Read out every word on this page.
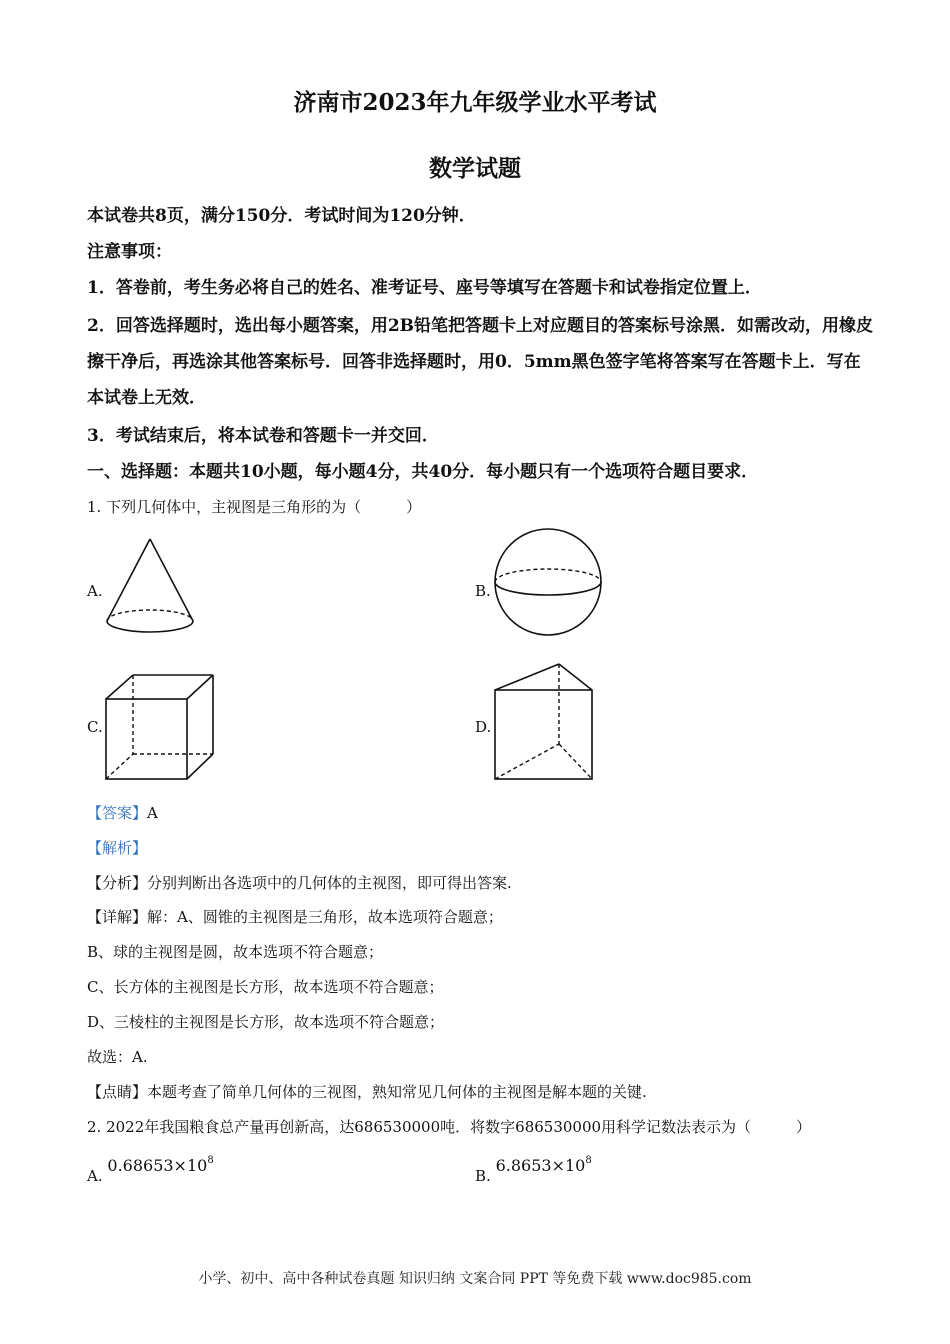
济南市2023年九年级学业水平考试
数学试题
本试卷共8页，满分150分．考试时间为120分钟．
注意事项：
1．答卷前，考生务必将自己的姓名、准考证号、座号等填写在答题卡和试卷指定位置上．
2．回答选择题时，选出每小题答案，用2B铅笔把答题卡上对应题目的答案标号涂黑．如需改动，用橡皮擦干净后，再选涂其他答案标号．回答非选择题时，用0．5mm黑色签字笔将答案写在答题卡上．写在本试卷上无效．
3．考试结束后，将本试卷和答题卡一并交回．
一、选择题：本题共10小题，每小题4分，共40分．每小题只有一个选项符合题目要求．
1. 下列几何体中，主视图是三角形的为（　　　）
A.	B.
C.	D.
【答案】A
【解析】
【分析】分别判断出各选项中的几何体的主视图，即可得出答案.
【详解】解：A、圆锥的主视图是三角形，故本选项符合题意；
B、球的主视图是圆，故本选项不符合题意；
C、长方体的主视图是长方形，故本选项不符合题意；
D、三棱柱的主视图是长方形，故本选项不符合题意；
故选：A.
【点睛】本题考查了简单几何体的三视图，熟知常见几何体的主视图是解本题的关键.
2. 2022年我国粮食总产量再创新高，达686530000吨．将数字686530000用科学记数法表示为（　　　）
A. $0.68653\times 10^8$
B. $6.8653\times 10^8$
小学、初中、高中各种试卷真题 知识归纳 文案合同 PPT 等免费下载 www.doc985.com
